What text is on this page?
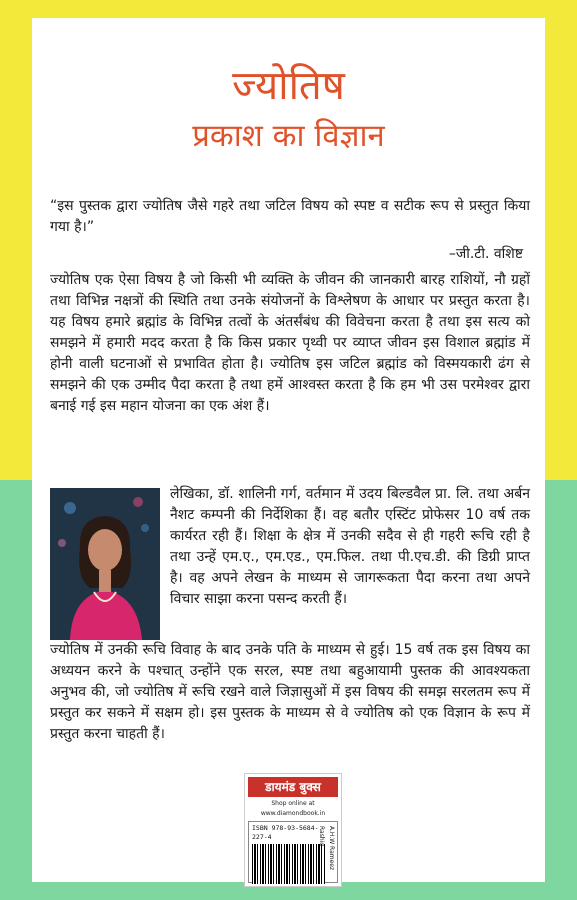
ज्योतिष
प्रकाश का विज्ञान
“इस पुस्तक द्वारा ज्योतिष जैसे गहरे तथा जटिल विषय को स्पष्ट व सटीक रूप से प्रस्तुत किया गया है।”
–जी.टी. वशिष्ट
ज्योतिष एक ऐसा विषय है जो किसी भी व्यक्ति के जीवन की जानकारी बारह राशियों, नौ ग्रहों तथा विभिन्न नक्षत्रों की स्थिति तथा उनके संयोजनों के विश्लेषण के आधार पर प्रस्तुत करता है। यह विषय हमारे ब्रह्मांड के विभिन्न तत्वों के अंतर्संबंध की विवेचना करता है तथा इस सत्य को समझने में हमारी मदद करता है कि किस प्रकार पृथ्वी पर व्याप्त जीवन इस विशाल ब्रह्मांड में होनी वाली घटनाओं से प्रभावित होता है। ज्योतिष इस जटिल ब्रह्मांड को विस्मयकारी ढंग से समझने की एक उम्मीद पैदा करता है तथा हमें आश्वस्त करता है कि हम भी उस परमेश्वर द्वारा बनाई गई इस महान योजना का एक अंश हैं।
लेखिका, डॉ. शालिनी गर्ग, वर्तमान में उदय बिल्डवैल प्रा. लि. तथा अर्बन नैशट कम्पनी की निर्देशिका हैं। वह बतौर एस्टिंट प्रोफेसर 10 वर्ष तक कार्यरत रही हैं। शिक्षा के क्षेत्र में उनकी सदैव से ही गहरी रूचि रही है तथा उन्हें एम.ए., एम.एड., एम.फिल. तथा पी.एच.डी. की डिग्री प्राप्त है। वह अपने लेखन के माध्यम से जागरूकता पैदा करना तथा अपने विचार साझा करना पसन्द करती हैं।
ज्योतिष में उनकी रूचि विवाह के बाद उनके पति के माध्यम से हुई। 15 वर्ष तक इस विषय का अध्ययन करने के पश्चात् उन्होंने एक सरल, स्पष्ट तथा बहुआयामी पुस्तक की आवश्यकता अनुभव की, जो ज्योतिष में रूचि रखने वाले जिज्ञासुओं में इस विषय की समझ सरलतम रूप में प्रस्तुत कर सकने में सक्षम हो। इस पुस्तक के माध्यम से वे ज्योतिष को एक विज्ञान के रूप में प्रस्तुत करना चाहती हैं।
डायमंड बुक्स
Shop online at www.diamondbook.in
ISBN 978-93-5684-227-4	A.H.W Rameez Rashid
